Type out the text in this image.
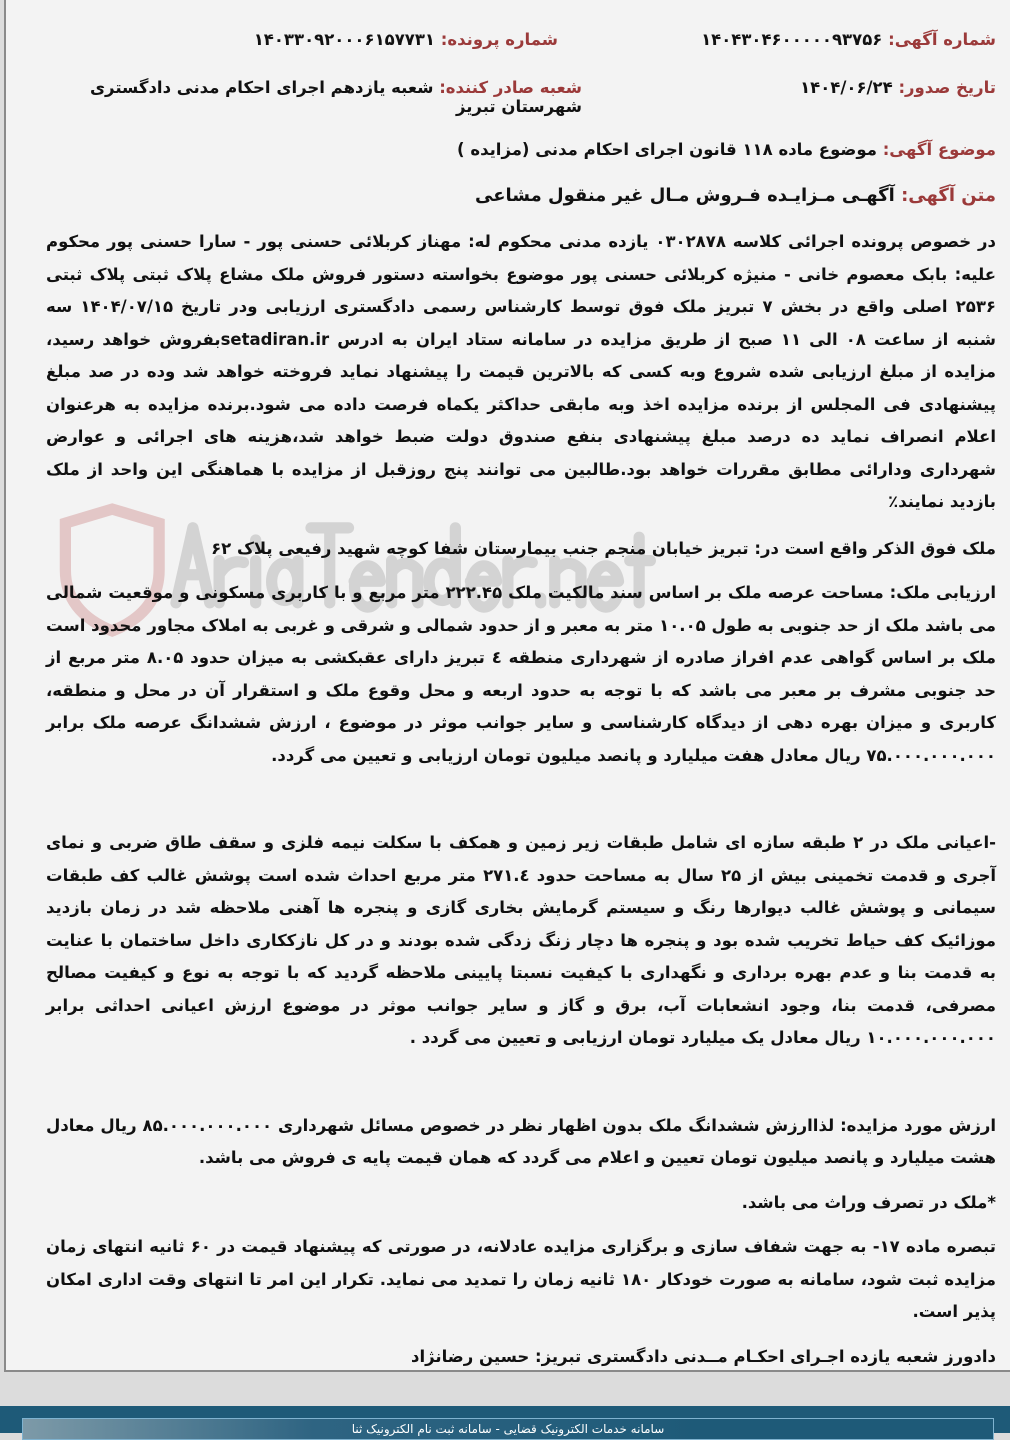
شماره آگهی: ۱۴۰۴۳۰۴۶۰۰۰۰۰۹۳۷۵۶
شماره پرونده: ۱۴۰۳۳۰۹۲۰۰۰۶۱۵۷۷۳۱
تاریخ صدور: ۱۴۰۴/۰۶/۲۴
شعبه صادر کننده: شعبه یازدهم اجرای احکام مدنی دادگستری شهرستان تبریز
موضوع آگهی: موضوع ماده ۱۱۸ قانون اجرای احکام مدنی (مزایده )
متن آگهی: آگهـی مـزایـده فـروش مـال غیر منقول مشاعی

در خصوص پرونده اجرائی کلاسه ۰۳۰۲۸۷۸ یازده مدنی محکوم له: مهناز کربلائی حسنی پور - سارا حسنی پور محکوم علیه: بابک معصوم خانی - منیژه کربلائی حسنی پور موضوع بخواسته دستور فروش ملک مشاع پلاک ثبتی پلاک ثبتی ۲۵۳۶ اصلی واقع در بخش ۷ تبریز ملک فوق توسط کارشناس رسمی دادگستری ارزیابی ودر تاریخ ۱۴۰۴/۰۷/۱۵ سه شنبه از ساعت ۰۸ الی ۱۱ صبح از طریق مزایده در سامانه ستاد ایران به ادرس setadiran.irبفروش خواهد رسید، مزایده از مبلغ ارزیابی شده شروع وبه کسی که بالاترین قیمت را پیشنهاد نماید فروخته خواهد شد وده در صد مبلغ پیشنهادی فی المجلس از برنده مزایده اخذ وبه مابقی حداکثر یکماه فرصت داده می شود.برنده مزایده به هرعنوان اعلام انصراف نماید ده درصد مبلغ پیشنهادی بنفع صندوق دولت ضبط خواهد شد،هزینه های اجرائی و عوارض شهرداری ودارائی مطابق مقررات خواهد بود.طالبین می توانند پنج روزقبل از مزایده با هماهنگی این واحد از ملک بازدید نمایند٪

ملک فوق الذکر واقع است در: تبریز خیابان منجم جنب بیمارستان شفا کوچه شهید رفیعی پلاک ۶۲

ارزیابی ملک: مساحت عرصه ملک بر اساس سند مالکیت ملک ۲۲۲.۴۵ متر مربع و با کاربری مسکونی و موقعیت شمالی می باشد ملک از حد جنوبی به طول ۱۰.۰۵ متر به معبر و از حدود شمالی و شرقی و غربی به املاک مجاور محدود است ملک بر اساس گواهی عدم افراز صادره از شهرداری منطقه ٤ تبریز دارای عقبکشی به میزان حدود ۸.۰۵ متر مربع از حد جنوبی مشرف بر معبر می باشد که با توجه به حدود اربعه و محل وقوع ملک و استقرار آن در محل و منطقه، کاربری و میزان بهره دهی از دیدگاه کارشناسی و سایر جوانب موثر در موضوع ، ارزش ششدانگ عرصه ملک برابر ۷۵.۰۰۰.۰۰۰.۰۰۰ ریال معادل هفت میلیارد و پانصد میلیون تومان ارزیابی و تعیین می گردد.

-اعیانی ملک در ۲ طبقه سازه ای شامل طبقات زیر زمین و همکف با سکلت نیمه فلزی و سقف طاق ضربی و نمای آجری و قدمت تخمینی بیش از ۲۵ سال به مساحت حدود ۲۷۱.٤ متر مربع احداث شده است پوشش غالب کف طبقات سیمانی و پوشش غالب دیوارها رنگ و سیستم گرمایش بخاری گازی و پنجره ها آهنی ملاحظه شد در زمان بازدید موزائیک کف حیاط تخریب شده بود و پنجره ها دچار زنگ زدگی شده بودند و در کل نازککاری داخل ساختمان با عنایت به قدمت بنا و عدم بهره برداری و نگهداری با کیفیت نسبتا پایینی ملاحظه گردید که با توجه به نوع و کیفیت مصالح مصرفی، قدمت بنا، وجود انشعابات آب، برق و گاز و سایر جوانب موثر در موضوع ارزش اعیانی احداثی برابر ۱۰.۰۰۰.۰۰۰.۰۰۰ ریال معادل یک میلیارد تومان ارزیابی و تعیین می گردد .

ارزش مورد مزایده: لذاارزش ششدانگ ملک بدون اظهار نظر در خصوص مسائل شهرداری ۸۵.۰۰۰.۰۰۰.۰۰۰ ریال معادل هشت میلیارد و پانصد میلیون تومان تعیین و اعلام می گردد که همان قیمت پایه ی فروش می باشد.

*ملک در تصرف وراث می باشد.

تبصره ماده ۱۷- به جهت شفاف سازی و برگزاری مزایده عادلانه، در صورتی که پیشنهاد قیمت در ۶۰ ثانیه انتهای زمان مزایده ثبت شود، سامانه به صورت خودکار ۱۸۰ ثانیه زمان را تمدید می نماید. تکرار این امر تا انتهای وقت اداری امکان پذیر است.

دادورز شعبه یازده اجـرای احکـام مــدنی دادگستری تبریز: حسین رضانژاد

سامانه خدمات الکترونیک قضایی - سامانه ثبت نام الکترونیک ثنا
